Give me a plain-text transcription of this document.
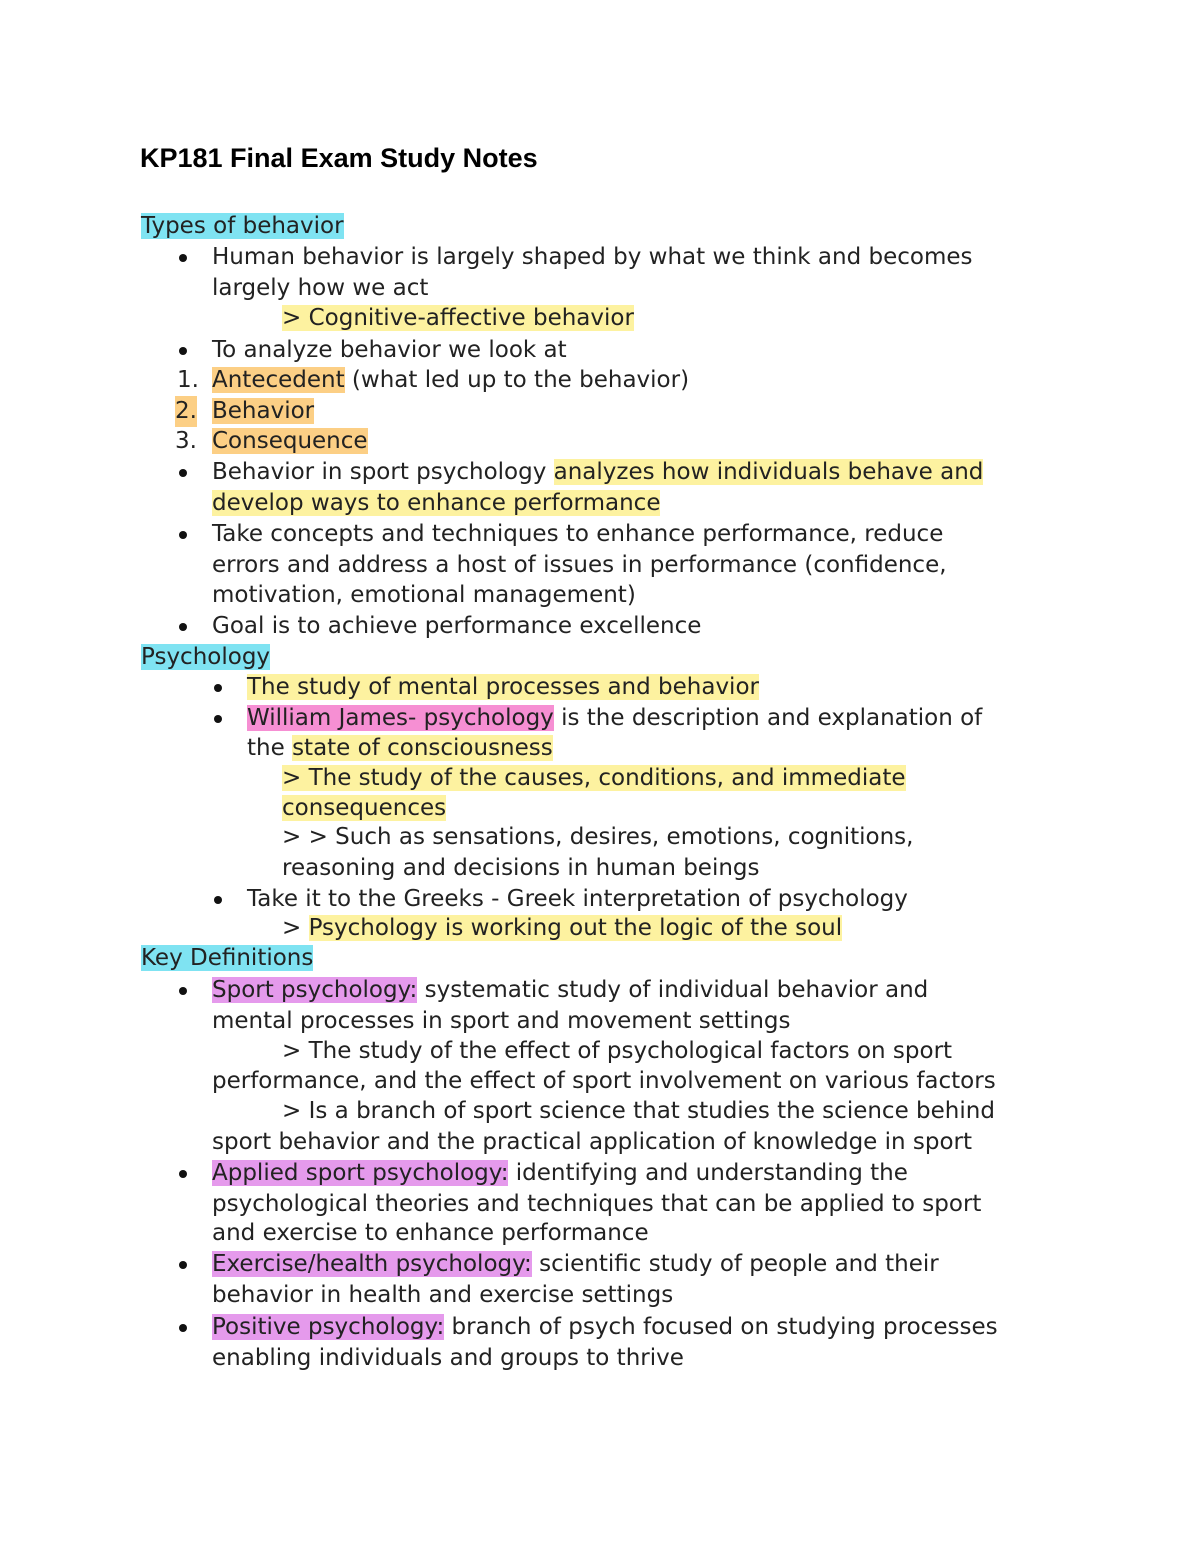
KP181 Final Exam Study Notes
Types of behavior
Human behavior is largely shaped by what we think and becomes
largely how we act
> Cognitive-affective behavior
To analyze behavior we look at
1. Antecedent (what led up to the behavior)
2. Behavior
3. Consequence
Behavior in sport psychology analyzes how individuals behave and
develop ways to enhance performance
Take concepts and techniques to enhance performance, reduce
errors and address a host of issues in performance (confidence,
motivation, emotional management)
Goal is to achieve performance excellence
Psychology
The study of mental processes and behavior
William James- psychology is the description and explanation of
the state of consciousness
> The study of the causes, conditions, and immediate
consequences
> > Such as sensations, desires, emotions, cognitions,
reasoning and decisions in human beings
Take it to the Greeks - Greek interpretation of psychology
> Psychology is working out the logic of the soul
Key Definitions
Sport psychology: systematic study of individual behavior and
mental processes in sport and movement settings
> The study of the effect of psychological factors on sport
performance, and the effect of sport involvement on various factors
> Is a branch of sport science that studies the science behind
sport behavior and the practical application of knowledge in sport
Applied sport psychology: identifying and understanding the
psychological theories and techniques that can be applied to sport
and exercise to enhance performance
Exercise/health psychology: scientific study of people and their
behavior in health and exercise settings
Positive psychology: branch of psych focused on studying processes
enabling individuals and groups to thrive
